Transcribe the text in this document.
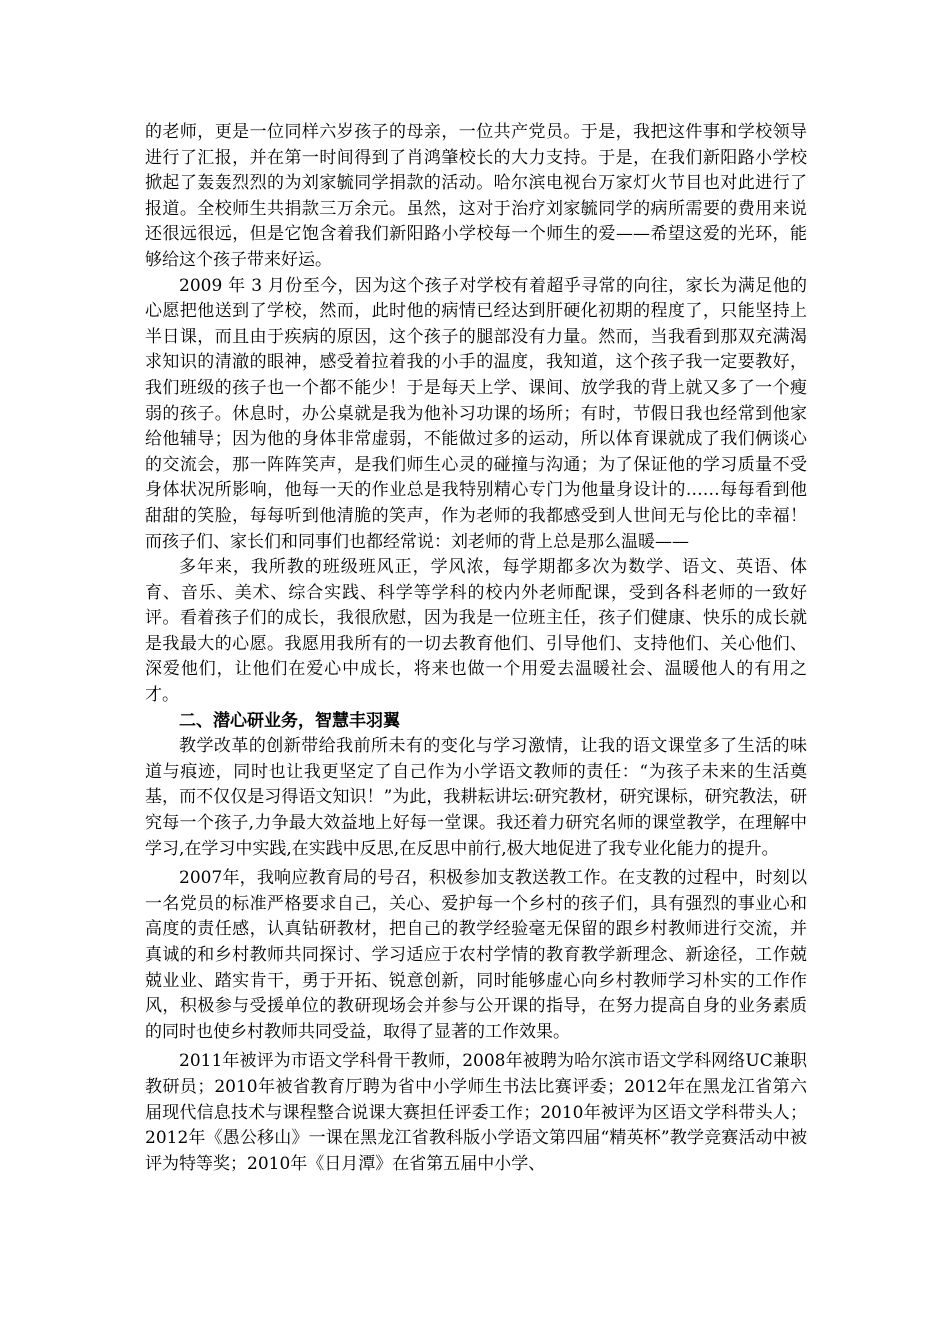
的老师，更是一位同样六岁孩子的母亲，一位共产党员。于是，我把这件事和学校领导进行了汇报，并在第一时间得到了肖鸿肇校长的大力支持。于是，在我们新阳路小学校掀起了轰轰烈烈的为刘家毓同学捐款的活动。哈尔滨电视台万家灯火节目也对此进行了报道。全校师生共捐款三万余元。虽然，这对于治疗刘家毓同学的病所需要的费用来说还很远很远，但是它饱含着我们新阳路小学校每一个师生的爱——希望这爱的光环，能够给这个孩子带来好运。

2009 年 3 月份至今，因为这个孩子对学校有着超乎寻常的向往，家长为满足他的心愿把他送到了学校，然而，此时他的病情已经达到肝硬化初期的程度了，只能坚持上半日课，而且由于疾病的原因，这个孩子的腿部没有力量。然而，当我看到那双充满渴求知识的清澈的眼神，感受着拉着我的小手的温度，我知道，这个孩子我一定要教好，我们班级的孩子也一个都不能少！于是每天上学、课间、放学我的背上就又多了一个瘦弱的孩子。休息时，办公桌就是我为他补习功课的场所；有时，节假日我也经常到他家给他辅导；因为他的身体非常虚弱，不能做过多的运动，所以体育课就成了我们俩谈心的交流会，那一阵阵笑声，是我们师生心灵的碰撞与沟通；为了保证他的学习质量不受身体状况所影响，他每一天的作业总是我特别精心专门为他量身设计的……每每看到他甜甜的笑脸，每每听到他清脆的笑声，作为老师的我都感受到人世间无与伦比的幸福！而孩子们、家长们和同事们也都经常说：刘老师的背上总是那么温暖——

多年来，我所教的班级班风正，学风浓，每学期都多次为数学、语文、英语、体育、音乐、美术、综合实践、科学等学科的校内外老师配课，受到各科老师的一致好评。看着孩子们的成长，我很欣慰，因为我是一位班主任，孩子们健康、快乐的成长就是我最大的心愿。我愿用我所有的一切去教育他们、引导他们、支持他们、关心他们、深爱他们，让他们在爱心中成长，将来也做一个用爱去温暖社会、温暖他人的有用之才。

二、潜心研业务，智慧丰羽翼

教学改革的创新带给我前所未有的变化与学习激情，让我的语文课堂多了生活的味道与痕迹，同时也让我更坚定了自己作为小学语文教师的责任：“为孩子未来的生活奠基，而不仅仅是习得语文知识！”为此，我耕耘讲坛:研究教材，研究课标，研究教法，研究每一个孩子,力争最大效益地上好每一堂课。我还着力研究名师的课堂教学，在理解中学习,在学习中实践,在实践中反思,在反思中前行,极大地促进了我专业化能力的提升。

2007年，我响应教育局的号召，积极参加支教送教工作。在支教的过程中，时刻以一名党员的标准严格要求自己，关心、爱护每一个乡村的孩子们，具有强烈的事业心和高度的责任感，认真钻研教材，把自己的教学经验毫无保留的跟乡村教师进行交流，并真诚的和乡村教师共同探讨、学习适应于农村学情的教育教学新理念、新途径，工作兢兢业业、踏实肯干，勇于开拓、锐意创新，同时能够虚心向乡村教师学习朴实的工作作风，积极参与受援单位的教研现场会并参与公开课的指导，在努力提高自身的业务素质的同时也使乡村教师共同受益，取得了显著的工作效果。

2011年被评为市语文学科骨干教师，2008年被聘为哈尔滨市语文学科网络UC兼职教研员；2010年被省教育厅聘为省中小学师生书法比赛评委；2012年在黑龙江省第六届现代信息技术与课程整合说课大赛担任评委工作；2010年被评为区语文学科带头人；2012年《愚公移山》一课在黑龙江省教科版小学语文第四届“精英杯”教学竞赛活动中被评为特等奖；2010年《日月潭》在省第五届中小学、
